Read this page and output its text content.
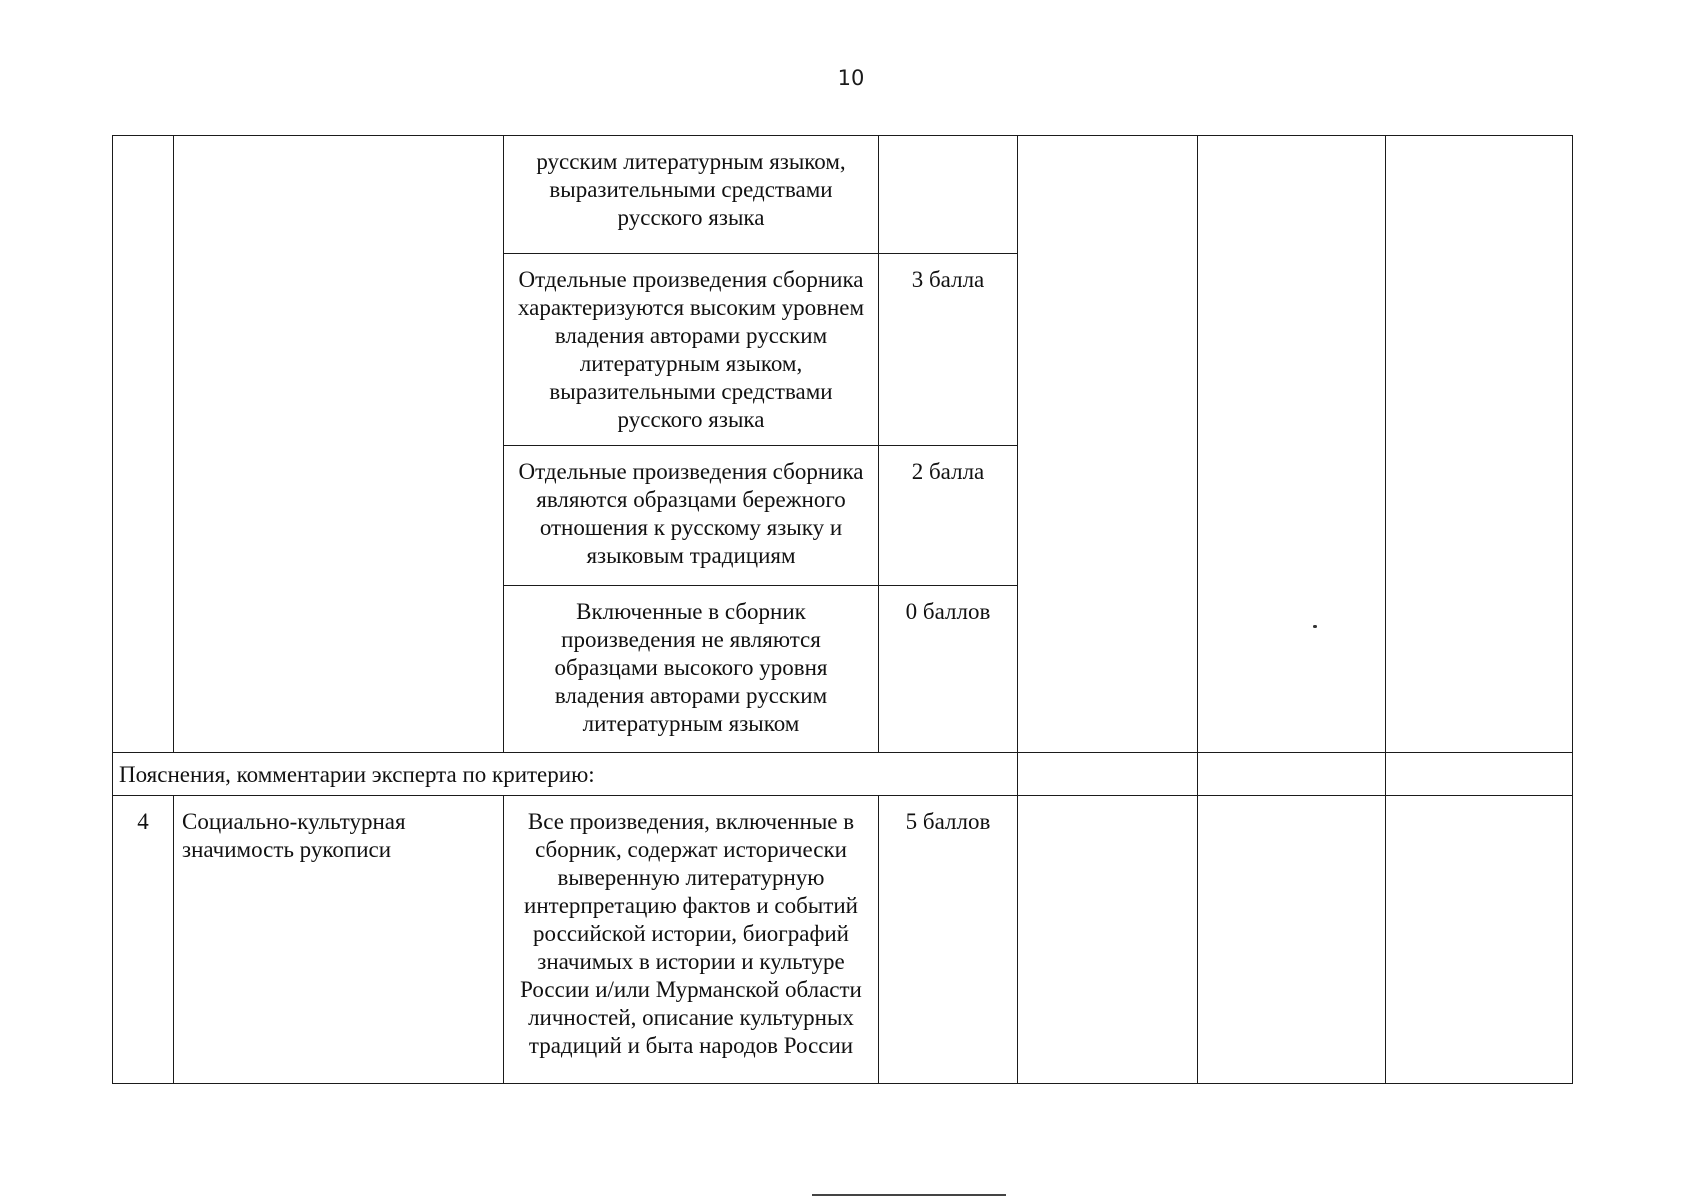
10
		русским литературным языком, выразительными средствами русского языка				
		Отдельные произведения сборника характеризуются высоким уровнем владения авторами русским литературным языком, выразительными средствами русского языка	3 балла			
		Отдельные произведения сборника являются образцами бережного отношения к русскому языку и языковым традициям	2 балла			
		Включенные в сборник произведения не являются образцами высокого уровня владения авторами русским литературным языком	0 баллов			
Пояснения, комментарии эксперта по критерию:						
4	Социально-культурная значимость рукописи	Все произведения, включенные в сборник, содержат исторически выверенную литературную интерпретацию фактов и событий российской истории, биографий значимых в истории и культуре России и/или Мурманской области личностей, описание культурных традиций и быта народов России	5 баллов			
